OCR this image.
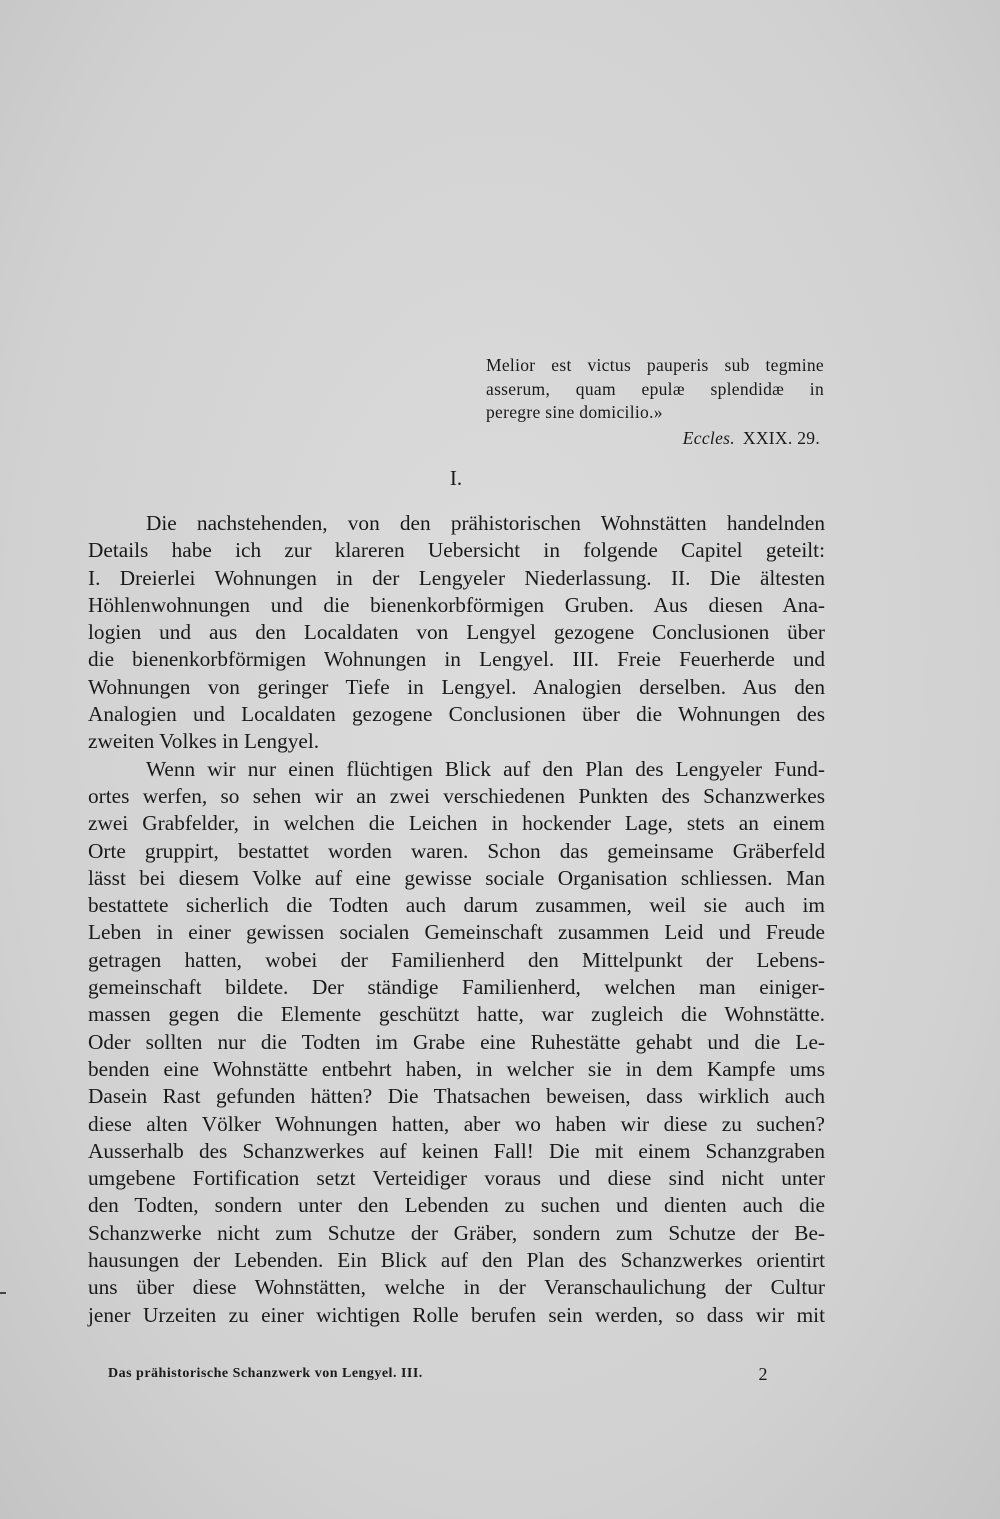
Melior est victus pauperis sub tegmine
asserum, quam epulæ splendidæ in
peregre sine domicilio.»
Eccles. XXIX. 29.
I.
Die nachstehenden, von den prähistorischen Wohnstätten handelnden
Details habe ich zur klareren Uebersicht in folgende Capitel geteilt:
I. Dreierlei Wohnungen in der Lengyeler Niederlassung. II. Die ältesten
Höhlenwohnungen und die bienenkorbförmigen Gruben. Aus diesen Ana-
logien und aus den Localdaten von Lengyel gezogene Conclusionen über
die bienenkorbförmigen Wohnungen in Lengyel. III. Freie Feuerherde und
Wohnungen von geringer Tiefe in Lengyel. Analogien derselben. Aus den
Analogien und Localdaten gezogene Conclusionen über die Wohnungen des
zweiten Volkes in Lengyel.
Wenn wir nur einen flüchtigen Blick auf den Plan des Lengyeler Fund-
ortes werfen, so sehen wir an zwei verschiedenen Punkten des Schanzwerkes
zwei Grabfelder, in welchen die Leichen in hockender Lage, stets an einem
Orte gruppirt, bestattet worden waren. Schon das gemeinsame Gräberfeld
lässt bei diesem Volke auf eine gewisse sociale Organisation schliessen. Man
bestattete sicherlich die Todten auch darum zusammen, weil sie auch im
Leben in einer gewissen socialen Gemeinschaft zusammen Leid und Freude
getragen hatten, wobei der Familienherd den Mittelpunkt der Lebens-
gemeinschaft bildete. Der ständige Familienherd, welchen man einiger-
massen gegen die Elemente geschützt hatte, war zugleich die Wohnstätte.
Oder sollten nur die Todten im Grabe eine Ruhestätte gehabt und die Le-
benden eine Wohnstätte entbehrt haben, in welcher sie in dem Kampfe ums
Dasein Rast gefunden hätten? Die Thatsachen beweisen, dass wirklich auch
diese alten Völker Wohnungen hatten, aber wo haben wir diese zu suchen?
Ausserhalb des Schanzwerkes auf keinen Fall! Die mit einem Schanzgraben
umgebene Fortification setzt Verteidiger voraus und diese sind nicht unter
den Todten, sondern unter den Lebenden zu suchen und dienten auch die
Schanzwerke nicht zum Schutze der Gräber, sondern zum Schutze der Be-
hausungen der Lebenden. Ein Blick auf den Plan des Schanzwerkes orientirt
uns über diese Wohnstätten, welche in der Veranschaulichung der Cultur
jener Urzeiten zu einer wichtigen Rolle berufen sein werden, so dass wir mit
Das prähistorische Schanzwerk von Lengyel. III.	2
